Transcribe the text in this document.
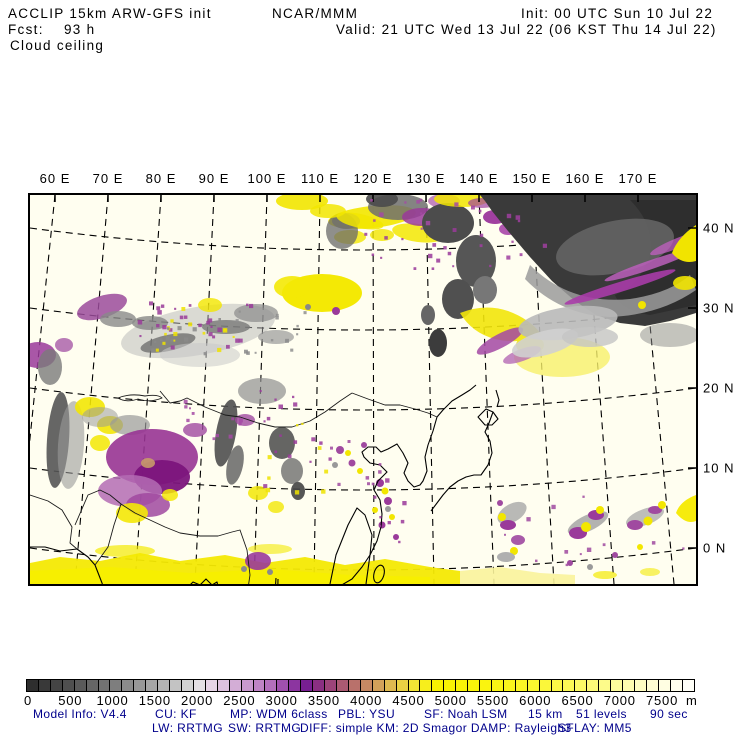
ACCLIP 15km ARW-GFS init	NCAR/MMM	Init: 00 UTC Sun 10 Jul 22
Fcst:    93 h	Valid: 21 UTC Wed 13 Jul 22 (06 KST Thu 14 Jul 22)
Cloud ceiling
60 E 70 E 80 E 90 E 100 E 110 E 120 E 130 E 140 E 150 E 160 E 170 E
40 N
30 N
20 N
10 N
0 N
0 500 1000 1500 2000 2500 3000 3500 4000 4500 5000 5500 6000 6500 7000 7500 m
Model Info: V4.4 CU: KF	MP: WDM 6class PBL: YSU SF: Noah LSM 15 km 51 levels 90 sec
LW: RRTMG SW: RRTMG
DIFF: simple KM: 2D Smagor DAMP: Rayleigh3
SFLAY: MM5
